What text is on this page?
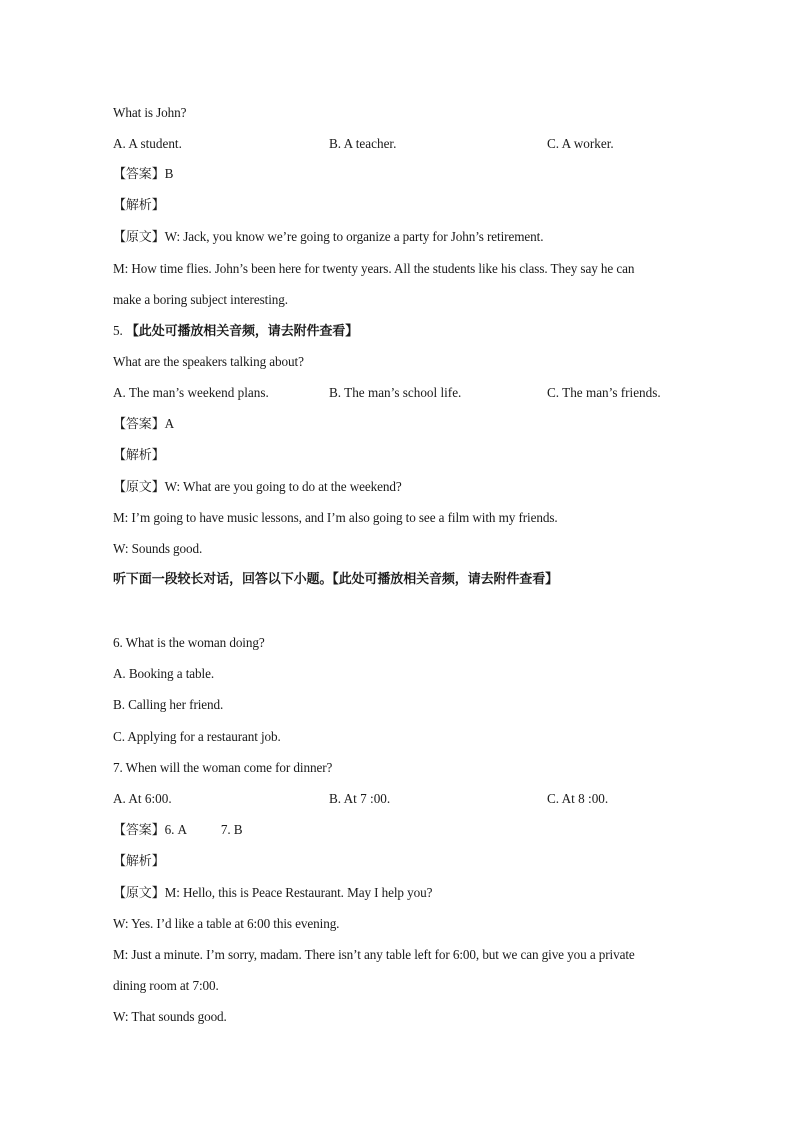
What is John?
A. A student.	B. A teacher.	C. A worker.
【答案】B
【解析】
【原文】W: Jack, you know we’re going to organize a party for John’s retirement.
M: How time flies. John’s been here for twenty years. All the students like his class. They say he can
make a boring subject interesting.
5. 【此处可播放相关音频，请去附件查看】
What are the speakers talking about?
A. The man’s weekend plans.	B. The man’s school life.	C. The man’s friends.
【答案】A
【解析】
【原文】W: What are you going to do at the weekend?
M: I’m going to have music lessons, and I’m also going to see a film with my friends.
W: Sounds good.
听下面一段较长对话，回答以下小题。【此处可播放相关音频，请去附件查看】
6. What is the woman doing?
A. Booking a table.
B. Calling her friend.
C. Applying for a restaurant job.
7. When will the woman come for dinner?
A. At 6:00.	B. At 7 :00.	C. At 8 :00.
【答案】6. A	7. B
【解析】
【原文】M: Hello, this is Peace Restaurant. May I help you?
W: Yes. I’d like a table at 6:00 this evening.
M: Just a minute. I’m sorry, madam. There isn’t any table left for 6:00, but we can give you a private
dining room at 7:00.
W: That sounds good.
